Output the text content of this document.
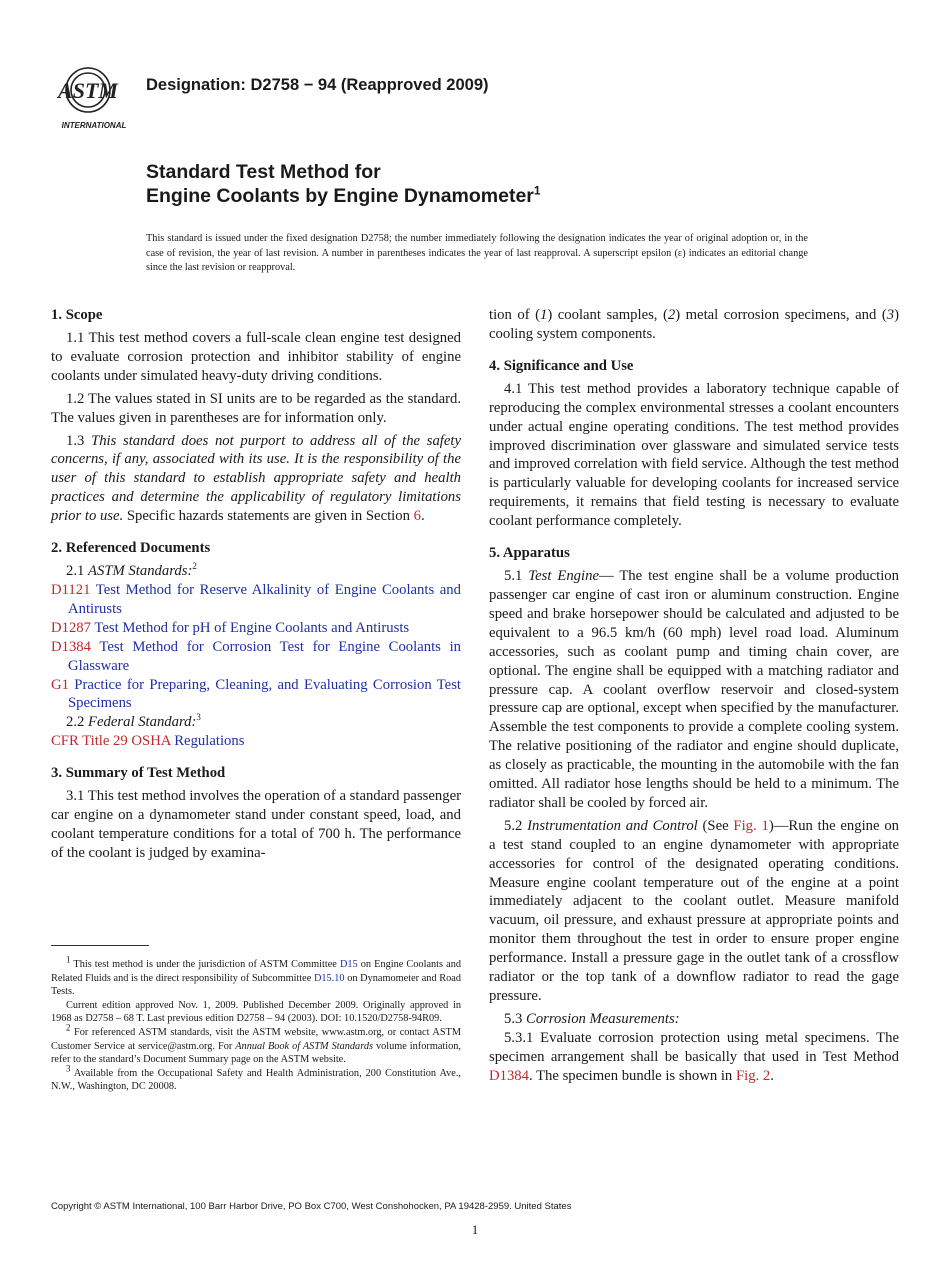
ASTM
INTERNATIONAL
Designation: D2758 − 94 (Reapproved 2009)
Standard Test Method for
Engine Coolants by Engine Dynamometer$^1$
This standard is issued under the fixed designation D2758; the number immediately following the designation indicates the year of original adoption or, in the case of revision, the year of last revision. A number in parentheses indicates the year of last reapproval. A superscript epsilon (ε) indicates an editorial change since the last revision or reapproval.
1. Scope

1.1 This test method covers a full-scale clean engine test designed to evaluate corrosion protection and inhibitor stability of engine coolants under simulated heavy-duty driving conditions.

1.2 The values stated in SI units are to be regarded as the standard. The values given in parentheses are for information only.

1.3 This standard does not purport to address all of the safety concerns, if any, associated with its use. It is the responsibility of the user of this standard to establish appropriate safety and health practices and determine the applicability of regulatory limitations prior to use. Specific hazards statements are given in Section 6.

2. Referenced Documents

2.1 ASTM Standards:$^2$

D1121 Test Method for Reserve Alkalinity of Engine Coolants and Antirusts

D1287 Test Method for pH of Engine Coolants and Antirusts

D1384 Test Method for Corrosion Test for Engine Coolants in Glassware

G1 Practice for Preparing, Cleaning, and Evaluating Corrosion Test Specimens

2.2 Federal Standard:$^3$

CFR Title 29 OSHA Regulations

3. Summary of Test Method

3.1 This test method involves the operation of a standard passenger car engine on a dynamometer stand under constant speed, load, and coolant temperature conditions for a total of 700 h. The performance of the coolant is judged by examina-

$^1$ This test method is under the jurisdiction of ASTM Committee D15 on Engine Coolants and Related Fluids and is the direct responsibility of Subcommittee D15.10 on Dynamometer and Road Tests.

Current edition approved Nov. 1, 2009. Published December 2009. Originally approved in 1968 as D2758 – 68 T. Last previous edition D2758 – 94 (2003). DOI: 10.1520/D2758-94R09.

$^2$ For referenced ASTM standards, visit the ASTM website, www.astm.org, or contact ASTM Customer Service at service@astm.org. For Annual Book of ASTM Standards volume information, refer to the standard’s Document Summary page on the ASTM website.

$^3$ Available from the Occupational Safety and Health Administration, 200 Constitution Ave., N.W., Washington, DC 20008.

tion of (1) coolant samples, (2) metal corrosion specimens, and (3) cooling system components.

4. Significance and Use

4.1 This test method provides a laboratory technique capable of reproducing the complex environmental stresses a coolant encounters under actual engine operating conditions. The test method provides improved discrimination over glassware and simulated service tests and improved correlation with field service. Although the test method is particularly valuable for developing coolants for increased service requirements, it remains that field testing is necessary to evaluate coolant performance completely.

5. Apparatus

5.1 Test Engine— The test engine shall be a volume production passenger car engine of cast iron or aluminum construction. Engine speed and brake horsepower should be calculated and adjusted to be equivalent to a 96.5 km/h (60 mph) level road load. Aluminum accessories, such as coolant pump and timing chain cover, are optional. The engine shall be equipped with a matching radiator and pressure cap. A coolant overflow reservoir and closed-system pressure cap are optional, except when specified by the manufacturer. Assemble the test components to provide a complete cooling system. The relative positioning of the radiator and engine should duplicate, as closely as practicable, the mounting in the automobile with the fan omitted. All radiator hose lengths should be held to a minimum. The radiator shall be cooled by forced air.

5.2 Instrumentation and Control (See Fig. 1)—Run the engine on a test stand coupled to an engine dynamometer with appropriate accessories for control of the designated operating conditions. Measure engine coolant temperature out of the engine at a point immediately adjacent to the coolant outlet. Measure manifold vacuum, oil pressure, and exhaust pressure at appropriate points and monitor them throughout the test in order to ensure proper engine performance. Install a pressure gage in the outlet tank of a crossflow radiator or the top tank of a downflow radiator to read the gage pressure.

5.3 Corrosion Measurements:

5.3.1 Evaluate corrosion protection using metal specimens. The specimen arrangement shall be basically that used in Test Method D1384. The specimen bundle is shown in Fig. 2.

Copyright © ASTM International, 100 Barr Harbor Drive, PO Box C700, West Conshohocken, PA 19428-2959. United States
1
